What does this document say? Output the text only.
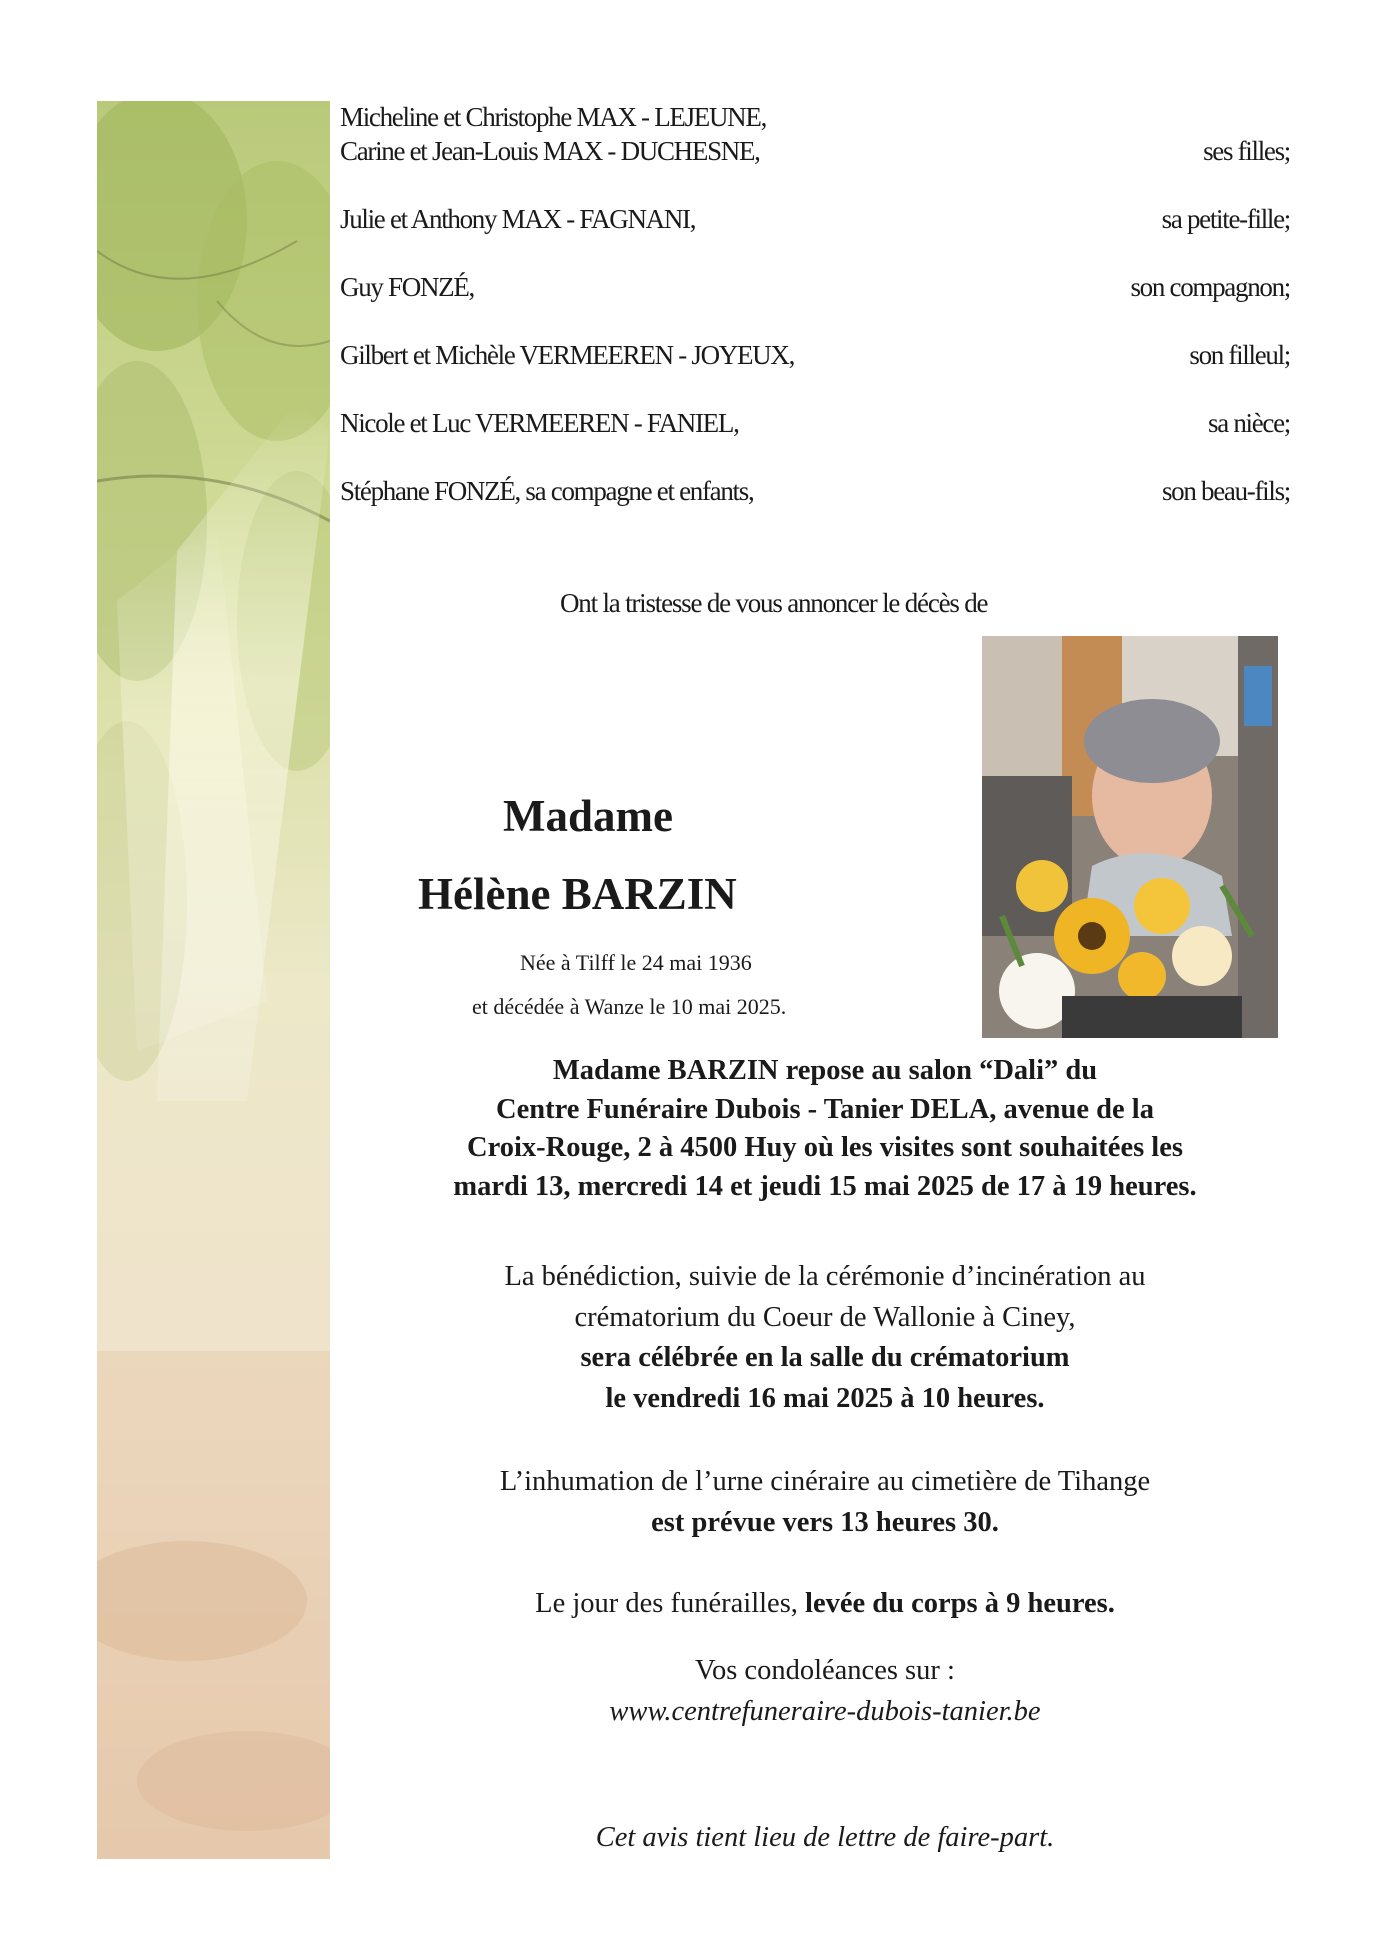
Micheline et Christophe MAX - LEJEUNE,
Carine et Jean-Louis MAX - DUCHESNE,	ses filles;
Julie et Anthony MAX - FAGNANI,	sa petite-fille;
Guy FONZÉ,	son compagnon;
Gilbert et Michèle VERMEEREN - JOYEUX,	son filleul;
Nicole et Luc VERMEEREN - FANIEL,	sa nièce;
Stéphane FONZÉ, sa compagne et enfants,	son beau-fils;
Ont la tristesse de vous annoncer le décès de
Madame
Hélène BARZIN
Née à Tilff le 24 mai 1936
et décédée à Wanze le 10 mai 2025.

Madame BARZIN repose au salon “Dali” du

Centre Funéraire Dubois - Tanier DELA, avenue de la

Croix-Rouge, 2 à 4500 Huy où les visites sont souhaitées les

mardi 13, mercredi 14 et jeudi 15 mai 2025 de 17 à 19 heures.

La bénédiction, suivie de la cérémonie d’incinération au

crématorium du Coeur de Wallonie à Ciney,

sera célébrée en la salle du crématorium

le vendredi 16 mai 2025 à 10 heures.

L’inhumation de l’urne cinéraire au cimetière de Tihange

est prévue vers 13 heures 30.

Le jour des funérailles, levée du corps à 9 heures.

Vos condoléances sur :

www.centrefuneraire-dubois-tanier.be

Cet avis tient lieu de lettre de faire-part.
